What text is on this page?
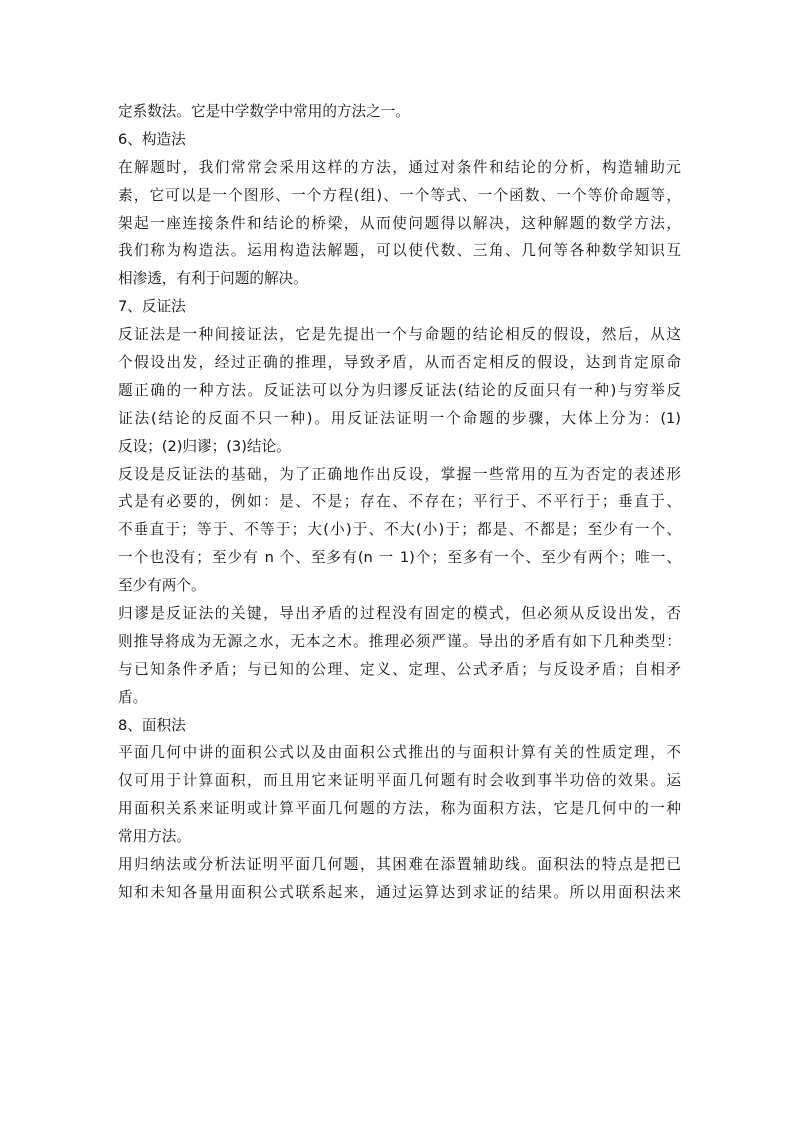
定系数法。它是中学数学中常用的方法之一。
6、构造法
在解题时，我们常常会采用这样的方法，通过对条件和结论的分析，构造辅助元
素，它可以是一个图形、一个方程(组)、一个等式、一个函数、一个等价命题等，
架起一座连接条件和结论的桥梁，从而使问题得以解决，这种解题的数学方法，
我们称为构造法。运用构造法解题，可以使代数、三角、几何等各种数学知识互
相渗透，有利于问题的解决。
7、反证法
反证法是一种间接证法，它是先提出一个与命题的结论相反的假设，然后，从这
个假设出发，经过正确的推理，导致矛盾，从而否定相反的假设，达到肯定原命
题正确的一种方法。反证法可以分为归谬反证法(结论的反面只有一种)与穷举反
证法(结论的反面不只一种)。用反证法证明一个命题的步骤，大体上分为：(1)
反设；(2)归谬；(3)结论。
反设是反证法的基础，为了正确地作出反设，掌握一些常用的互为否定的表述形
式是有必要的，例如：是、不是；存在、不存在；平行于、不平行于；垂直于、
不垂直于；等于、不等于；大(小)于、不大(小)于；都是、不都是；至少有一个、
一个也没有；至少有 n 个、至多有(n 一 1)个；至多有一个、至少有两个；唯一、
至少有两个。
归谬是反证法的关键，导出矛盾的过程没有固定的模式，但必须从反设出发，否
则推导将成为无源之水，无本之木。推理必须严谨。导出的矛盾有如下几种类型：
与已知条件矛盾；与已知的公理、定义、定理、公式矛盾；与反设矛盾；自相矛
盾。
8、面积法
平面几何中讲的面积公式以及由面积公式推出的与面积计算有关的性质定理，不
仅可用于计算面积，而且用它来证明平面几何题有时会收到事半功倍的效果。运
用面积关系来证明或计算平面几何题的方法，称为面积方法，它是几何中的一种
常用方法。
用归纳法或分析法证明平面几何题，其困难在添置辅助线。面积法的特点是把已
知和未知各量用面积公式联系起来，通过运算达到求证的结果。所以用面积法来
